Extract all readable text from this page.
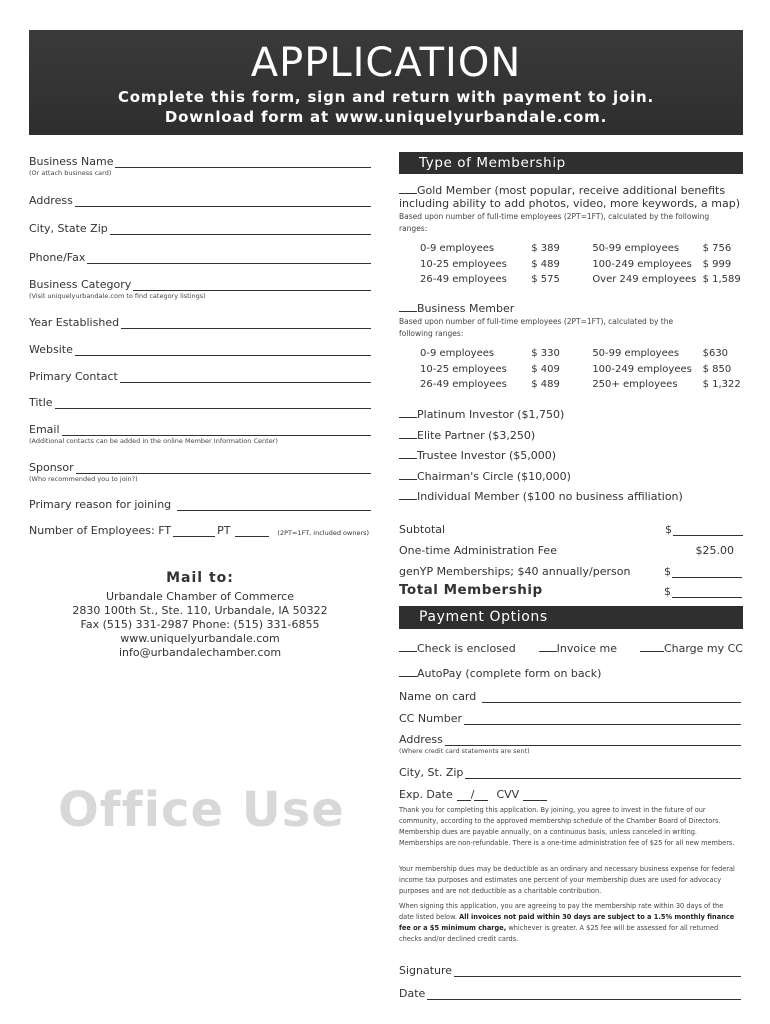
APPLICATION
Complete this form, sign and return with payment to join.
Download form at www.uniquelyurbandale.com.
Business Name
(Or attach business card)
Address
City, State Zip
Phone/Fax
Business Category
(Visit uniquelyurbandale.com to find category listings)
Year Established
Website
Primary Contact
Title
Email
(Additional contacts can be added in the online Member Information Center)
Sponsor
(Who recommended you to join?)
Primary reason for joining
Number of Employees: FT	PT	(2PT=1FT, included owners)
Mail to:
Urbandale Chamber of Commerce
2830 100th St., Ste. 110, Urbandale, IA 50322
Fax (515) 331-2987 Phone: (515) 331-6855
www.uniquelyurbandale.com
info@urbandalechamber.com
Office Use
Type of Membership
Gold Member (most popular, receive additional benefits including ability to add photos, video, more keywords, a map)
Based upon number of full-time employees (2PT=1FT), calculated by the following ranges:
0-9 employees	$ 389	50-99 employees	$ 756
10-25 employees	$ 489	100-249 employees	$ 999
26-49 employees	$ 575	Over 249 employees $ 1,589
Business Member
Based upon number of full-time employees (2PT=1FT), calculated by the following ranges:
0-9 employees	$ 330	50-99 employees	$630
10-25 employees	$ 409	100-249 employees	$ 850
26-49 employees	$ 489	250+ employees	$ 1,322
Platinum Investor ($1,750)
Elite Partner ($3,250)
Trustee Investor ($5,000)
Chairman's Circle ($10,000)
Individual Member ($100 no business affiliation)
Subtotal	$
One-time Administration Fee	$25.00
genYP Memberships; $40 annually/person	$
Total Membership	$
Payment Options
Check is enclosed	Invoice me	Charge my CC
AutoPay (complete form on back)
Name on card
CC Number
Address
(Where credit card statements are sent)
City, St. Zip
Exp. Date / CVV
Thank you for completing this application. By joining, you agree to invest in the future of our community, according to the approved membership schedule of the Chamber Board of Directors. Membership dues are payable annually, on a continuous basis, unless canceled in writing. Memberships are non-refundable. There is a one-time administration fee of $25 for all new members.
Your membership dues may be deductible as an ordinary and necessary business expense for federal income tax purposes and estimates one percent of your membership dues are used for advocacy purposes and are not deductible as a charitable contribution.
When signing this application, you are agreeing to pay the membership rate within 30 days of the date listed below. All invoices not paid within 30 days are subject to a 1.5% monthly finance fee or a $5 minimum charge, whichever is greater. A $25 fee will be assessed for all returned checks and/or declined credit cards.
Signature
Date
